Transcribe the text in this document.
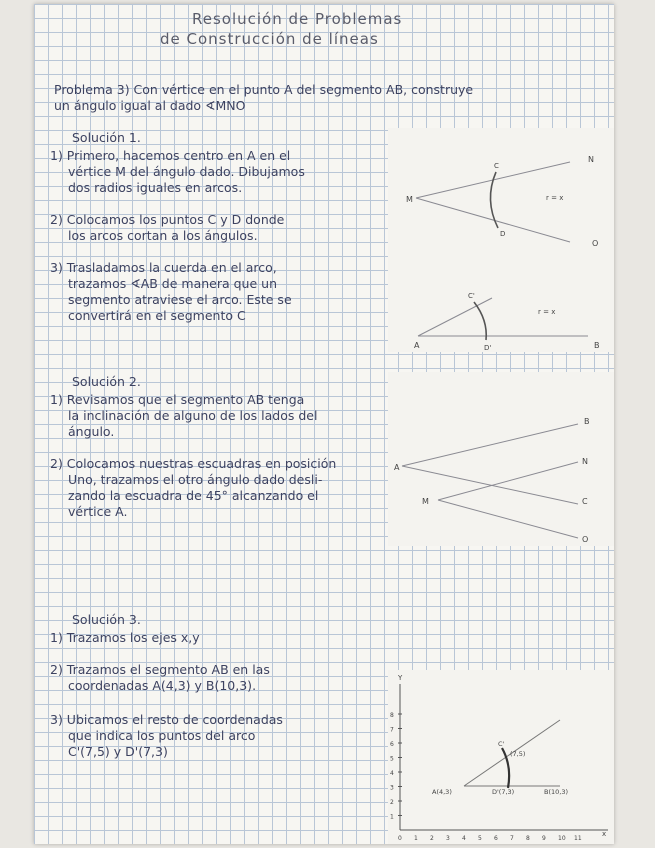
Resolución de Problemas
de Construcción de líneas
Problema 3) Con vértice en el punto A del segmento AB, construye
un ángulo igual al dado ∢MNO
Solución 1.
1) Primero, hacemos centro en A en el
vértice M del ángulo dado. Dibujamos
dos radios iguales en arcos.
2) Colocamos los puntos C y D donde
los arcos cortan a los ángulos.
3) Trasladamos la cuerda en el arco,
trazamos ∢AB de manera que un
segmento atraviese el arco. Este se
convertirá en el segmento C
Solución 2.
1) Revisamos que el segmento AB tenga
la inclinación de alguno de los lados del
ángulo.
2) Colocamos nuestras escuadras en posición
Uno, trazamos el otro ángulo dado desli-
zando la escuadra de 45° alcanzando el
vértice A.
Solución 3.
1) Trazamos los ejes x,y
2) Trazamos el segmento AB en las
coordenadas A(4,3) y B(10,3).
3) Ubicamos el resto de coordenadas
que indica los puntos del arco
C'(7,5) y D'(7,3)
M
N
O
C
D
r = x
A	B
C'
D'
r = x
A
B
N
M	C
O
Y
x
1
2
3
4
5
6
7
8
0 1 2 3 4 5 6 7 8 9 10 11
A(4,3)	D'(7,3)	B(10,3)
C'
(7,5)
